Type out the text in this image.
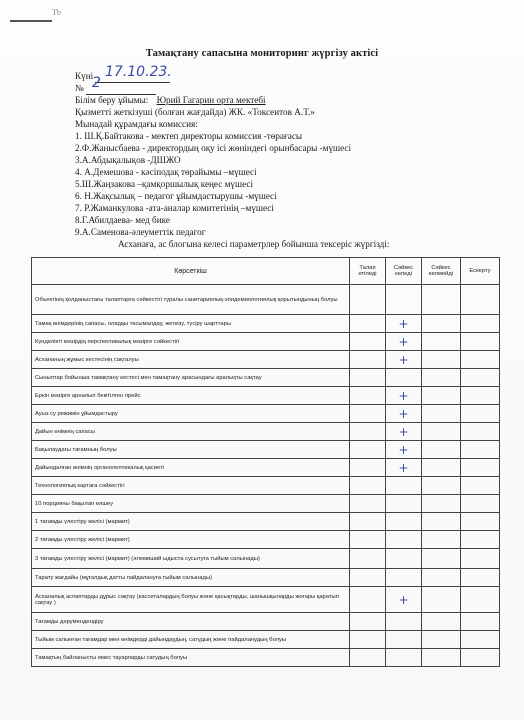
Tb
Тамақтану сапасына мониторинг жүргізу актісі
Күні 17.10.23.
№ 2
Білім беру ұйымы: Юрий Гагарин орта мектебі
Қызметті жеткізуші (болған жағдайда) ЖК. «Токсеитов А.Т.»
Мынадай құрамдағы комиссия:
1. Ш.Қ.Байтакова - мектеп директоры комиссия -төрағасы
2.Ф.Жаныcбаева - директордың оқу ісі жөніндегі орынбасары -мүшесі
3.А.Абдықалықов -ДШЖО
4. А.Демешова - кәсіподақ төрайымы –мүшесі
5.Ш.Жаңзакова –қамқоршылық кеңес мүшесі
6. Н.Жақсылық – педагог ұйымдастырушы -мүшесі
7. Р.Жаманкулова -ата-аналар комитетінің –мүшесі
8.Г.Абилдаева- мед бике
9.А.Саменова-әлеуметтік педагог
Асханаға, ас блогына келесі параметрлер бойынша тексеріс жүргізді:
Көрсеткіш	Талап етіледі	Сәйкес келеді	Сәйкес келмейді	Ескерту
Объектінің қолданыстағы талаптарға сәйкестігі туралы санитариялық-эпидемиологиялық қорытындының болуы				
Тамақ өнімдерінің сапасы, оларды тасымалдау, жеткізу, түсіру шарттары		+		
Күнделікті мәзірдің перспективалық мәзірге сәйкестігі		+		
Асхананың жұмыс кестесінің сақталуы		+		
Сыныптар бойынша тамақтану кестесі мен тамақтану арасындағы аралықты сақтау				
Еркін мәзірге арналып бекітілген прейс		+		
Ауыз су режимін ұйымдастыру		+		
Дайын өнімнің сапасы		+		
Бақылаудағы тағамның болуы		+		
Дайындалған өнімнің органолептикалық қасиеті		+		
Технологиялық картаға сәйкестігі				
10 порцияны бақылап өлшеу				
1 тағамды үлестіру желісі (мармит)				
2 тағамды үлестіру желісі (мармит)				
3 тағамды үлестіру желісі (мармит) (әлемиший ыдыста сусытуға тыйым салынады)				
Тарату жағдайы (мұғалдық датты пайдалануға тыйым салынады)				
Асханалық аспаптарды дұрыс сақтау (кассеталардың болуы және қасықтарды, шанышқыларды жоғары қаратып сақтау )		+		
Тағамды дәрумендендіру				
Тыйым салынған тағамдар мен өнімдерді дайындаудың, сатудың және пайдаланудың болуы				
Тамақтың байланысты емес тауарларды сатудың болуы				
